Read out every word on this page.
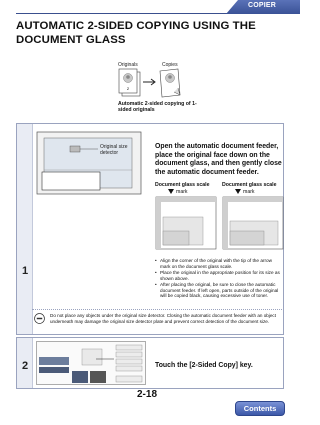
COPIER
AUTOMATIC 2-SIDED COPYING USING THE DOCUMENT GLASS
Originals	Copies
2
Automatic 2-sided copying of 1-sided originals
1
Original size detector
Open the automatic document feeder, place the original face down on the document glass, and then gently close the automatic document feeder.
Document glass scale Document glass scale
mark	mark
• Align the corner of the original with the tip of the arrow mark on the document glass scale.
• Place the original in the appropriate position for its size as shown above.
• After placing the original, be sure to close the automatic document feeder. If left open, parts outside of the original will be copied black, causing excessive use of toner.
Do not place any objects under the original size detector. Closing the automatic document feeder with an object underneath may damage the original size detector plate and prevent correct detection of the document size.
2	Touch the [2-Sided Copy] key.
2-18
Contents
